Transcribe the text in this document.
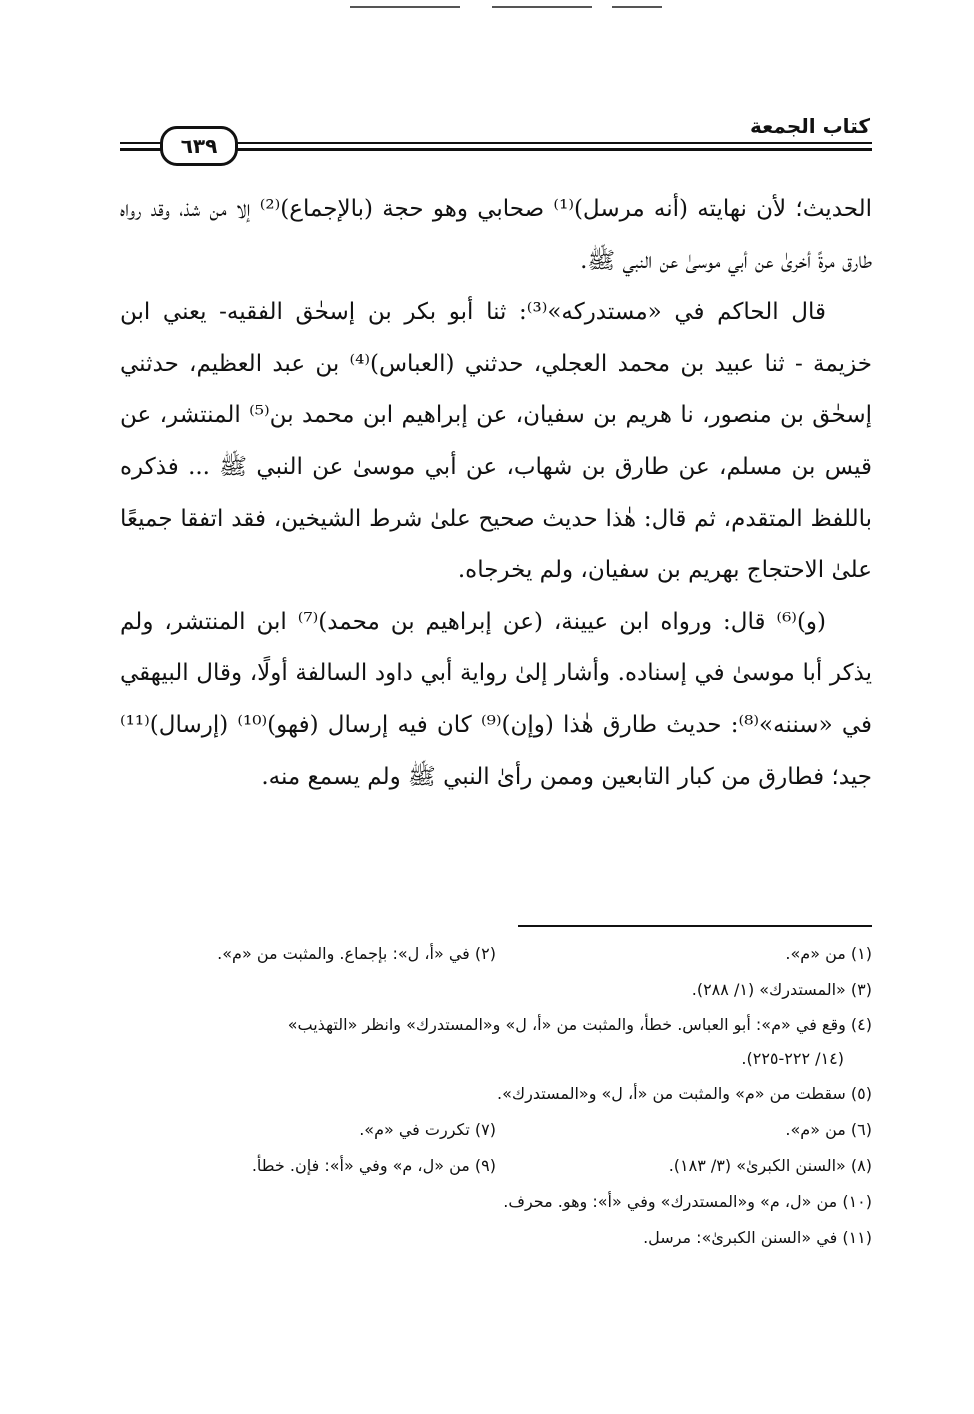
كتاب الجمعة
٦٣٩

الحديث؛ لأن نهايته (أنه مرسل)⁽¹⁾ صحابي وهو حجة (بالإجماع)⁽²⁾ إلا من شذ، وقد رواه طارق مرةً أخرىٰ عن أبي موسىٰ عن النبي ﷺ.

قال الحاكم في «مستدركه»⁽³⁾: ثنا أبو بكر بن إسحٰق الفقيه- يعني ابن خزيمة - ثنا عبيد بن محمد العجلي، حدثني (العباس)⁽⁴⁾ بن عبد العظيم، حدثني إسحٰق بن منصور، نا هريم بن سفيان، عن إبراهيم ابن محمد بن⁽⁵⁾ المنتشر، عن قيس بن مسلم، عن طارق بن شهاب، عن أبي موسىٰ عن النبي ﷺ ... فذكره باللفظ المتقدم، ثم قال: هٰذا حديث صحيح علىٰ شرط الشيخين، فقد اتفقا جميعًا علىٰ الاحتجاج بهريم بن سفيان، ولم يخرجاه.

(و)⁽⁶⁾ قال: ورواه ابن عيينة، (عن إبراهيم بن محمد)⁽⁷⁾ ابن المنتشر، ولم يذكر أبا موسىٰ في إسناده. وأشار إلىٰ رواية أبي داود السالفة أولًا، وقال البيهقي في «سننه»⁽⁸⁾: حديث طارق هٰذا (وإن)⁽⁹⁾ كان فيه إرسال (فهو)⁽¹⁰⁾ (إرسال)⁽¹¹⁾ جيد؛ فطارق من كبار التابعين وممن رأىٰ النبي ﷺ ولم يسمع منه.

(١) من «م».
(٢) في «أ، ل»: بإجماع. والمثبت من «م».
(٣) «المستدرك» (١/ ٢٨٨).
(٤) وقع في «م»: أبو العباس. خطأ، والمثبت من «أ، ل» و«المستدرك» وانظر «التهذيب»
(١٤/ ٢٢٢-٢٢٥).
(٥) سقطت من «م» والمثبت من «أ، ل» و«المستدرك».
(٦) من «م».
(٧) تكررت في «م».
(٨) «السنن الكبرىٰ» (٣/ ١٨٣).
(٩) من «ل، م» وفي «أ»: فإن. خطأ.
(١٠) من «ل، م» و«المستدرك» وفي «أ»: وهو. محرف.
(١١) في «السنن الكبرىٰ»: مرسل.
